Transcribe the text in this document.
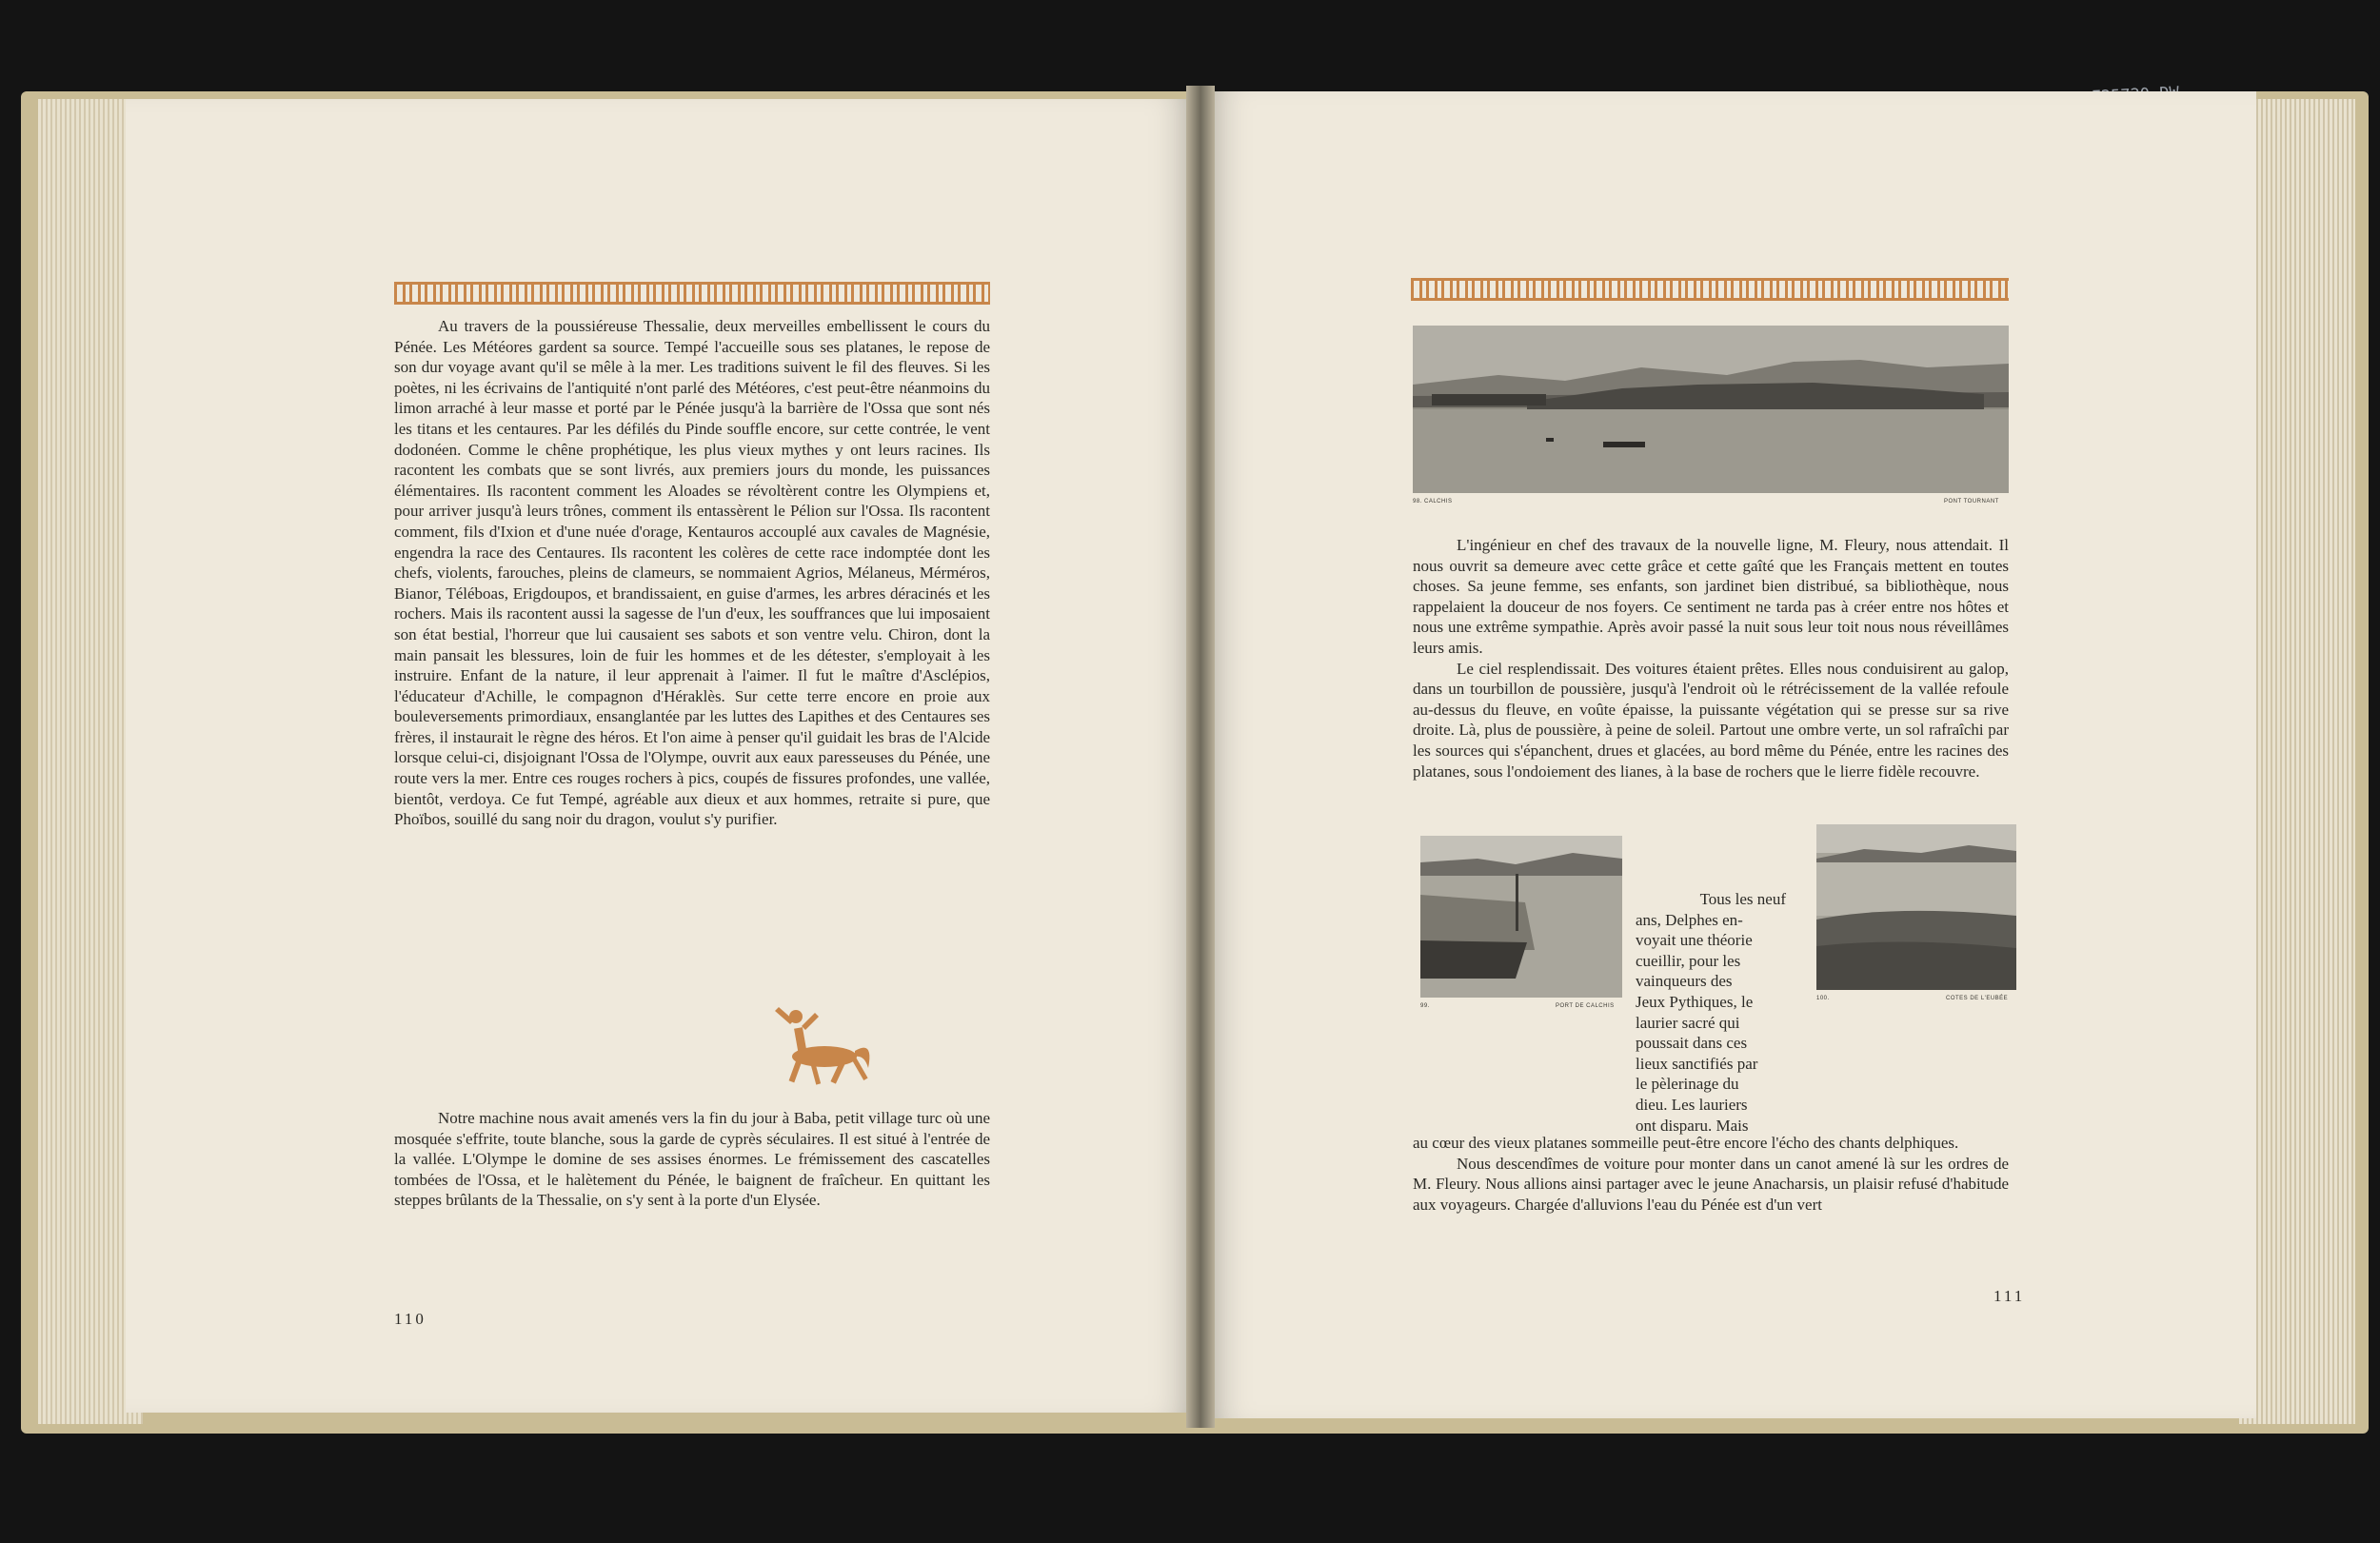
Au travers de la poussiéreuse Thessalie, deux merveilles embellissent le cours du Pénée. Les Météores gardent sa source. Tempé l'accueille sous ses platanes, le repose de son dur voyage avant qu'il se mêle à la mer. Les traditions suivent le fil des fleuves. Si les poètes, ni les écrivains de l'antiquité n'ont parlé des Météores, c'est peut-être néanmoins du limon arraché à leur masse et porté par le Pénée jusqu'à la barrière de l'Ossa que sont nés les titans et les centaures. Par les défilés du Pinde souffle encore, sur cette contrée, le vent dodonéen. Comme le chêne prophétique, les plus vieux mythes y ont leurs racines. Ils racontent les combats que se sont livrés, aux premiers jours du monde, les puissances élémentaires. Ils racontent comment les Aloades se révoltèrent contre les Olympiens et, pour arriver jusqu'à leurs trônes, comment ils entassèrent le Pélion sur l'Ossa. Ils racontent comment, fils d'Ixion et d'une nuée d'orage, Kentauros accouplé aux cavales de Magnésie, engendra la race des Centaures. Ils racontent les colères de cette race indomptée dont les chefs, violents, farouches, pleins de clameurs, se nommaient Agrios, Mélaneus, Mérméros, Bianor, Téléboas, Erigdoupos, et brandissaient, en guise d'armes, les arbres déracinés et les rochers. Mais ils racontent aussi la sagesse de l'un d'eux, les souffrances que lui imposaient son état bestial, l'horreur que lui causaient ses sabots et son ventre velu. Chiron, dont la main pansait les blessures, loin de fuir les hommes et de les détester, s'employait à les instruire. Enfant de la nature, il leur apprenait à l'aimer. Il fut le maître d'Asclépios, l'éducateur d'Achille, le compagnon d'Héraklès. Sur cette terre encore en proie aux bouleversements primordiaux, ensanglantée par les luttes des Lapithes et des Centaures ses frères, il instaurait le règne des héros. Et l'on aime à penser qu'il guidait les bras de l'Alcide lorsque celui-ci, disjoignant l'Ossa de l'Olympe, ouvrit aux eaux paresseuses du Pénée, une route vers la mer. Entre ces rouges rochers à pics, coupés de fissures profondes, une vallée, bientôt, verdoya. Ce fut Tempé, agréable aux dieux et aux hommes, retraite si pure, que Phoïbos, souillé du sang noir du dragon, voulut s'y purifier.

Notre machine nous avait amenés vers la fin du jour à Baba, petit village turc où une mosquée s'effrite, toute blanche, sous la garde de cyprès séculaires. Il est situé à l'entrée de la vallée. L'Olympe le domine de ses assises énormes. Le frémissement des cascatelles tombées de l'Ossa, et le halètement du Pénée, le baignent de fraîcheur. En quittant les steppes brûlants de la Thessalie, on s'y sent à la porte d'un Elysée.

110
98. CALCHIS	PONT TOURNANT

L'ingénieur en chef des travaux de la nouvelle ligne, M. Fleury, nous attendait. Il nous ouvrit sa demeure avec cette grâce et cette gaîté que les Français mettent en toutes choses. Sa jeune femme, ses enfants, son jardinet bien distribué, sa bibliothèque, nous rappelaient la douceur de nos foyers. Ce sentiment ne tarda pas à créer entre nos hôtes et nous une extrême sympathie. Après avoir passé la nuit sous leur toit nous nous réveillâmes leurs amis.

Le ciel resplendissait. Des voitures étaient prêtes. Elles nous conduisirent au galop, dans un tourbillon de poussière, jusqu'à l'endroit où le rétrécissement de la vallée refoule au-dessus du fleuve, en voûte épaisse, la puissante végétation qui se presse sur sa rive droite. Là, plus de poussière, à peine de soleil. Partout une ombre verte, un sol rafraîchi par les sources qui s'épanchent, drues et glacées, au bord même du Pénée, entre les racines des platanes, sous l'ondoiement des lianes, à la base de rochers que le lierre fidèle recouvre.

99.	PORT DE CALCHIS
Tous les neuf
ans, Delphes en-
voyait une théorie
cueillir, pour les
vainqueurs des
Jeux Pythiques, le
laurier sacré qui
poussait dans ces
lieux sanctifiés par
le pèlerinage du
dieu. Les lauriers
ont disparu. Mais
100.	COTES DE L'EUBÉE
au cœur des vieux platanes sommeille peut-être encore l'écho des chants delphiques.

Nous descendîmes de voiture pour monter dans un canot amené là sur les ordres de M. Fleury. Nous allions ainsi partager avec le jeune Anacharsis, un plaisir refusé d'habitude aux voyageurs. Chargée d'alluvions l'eau du Pénée est d'un vert

111
